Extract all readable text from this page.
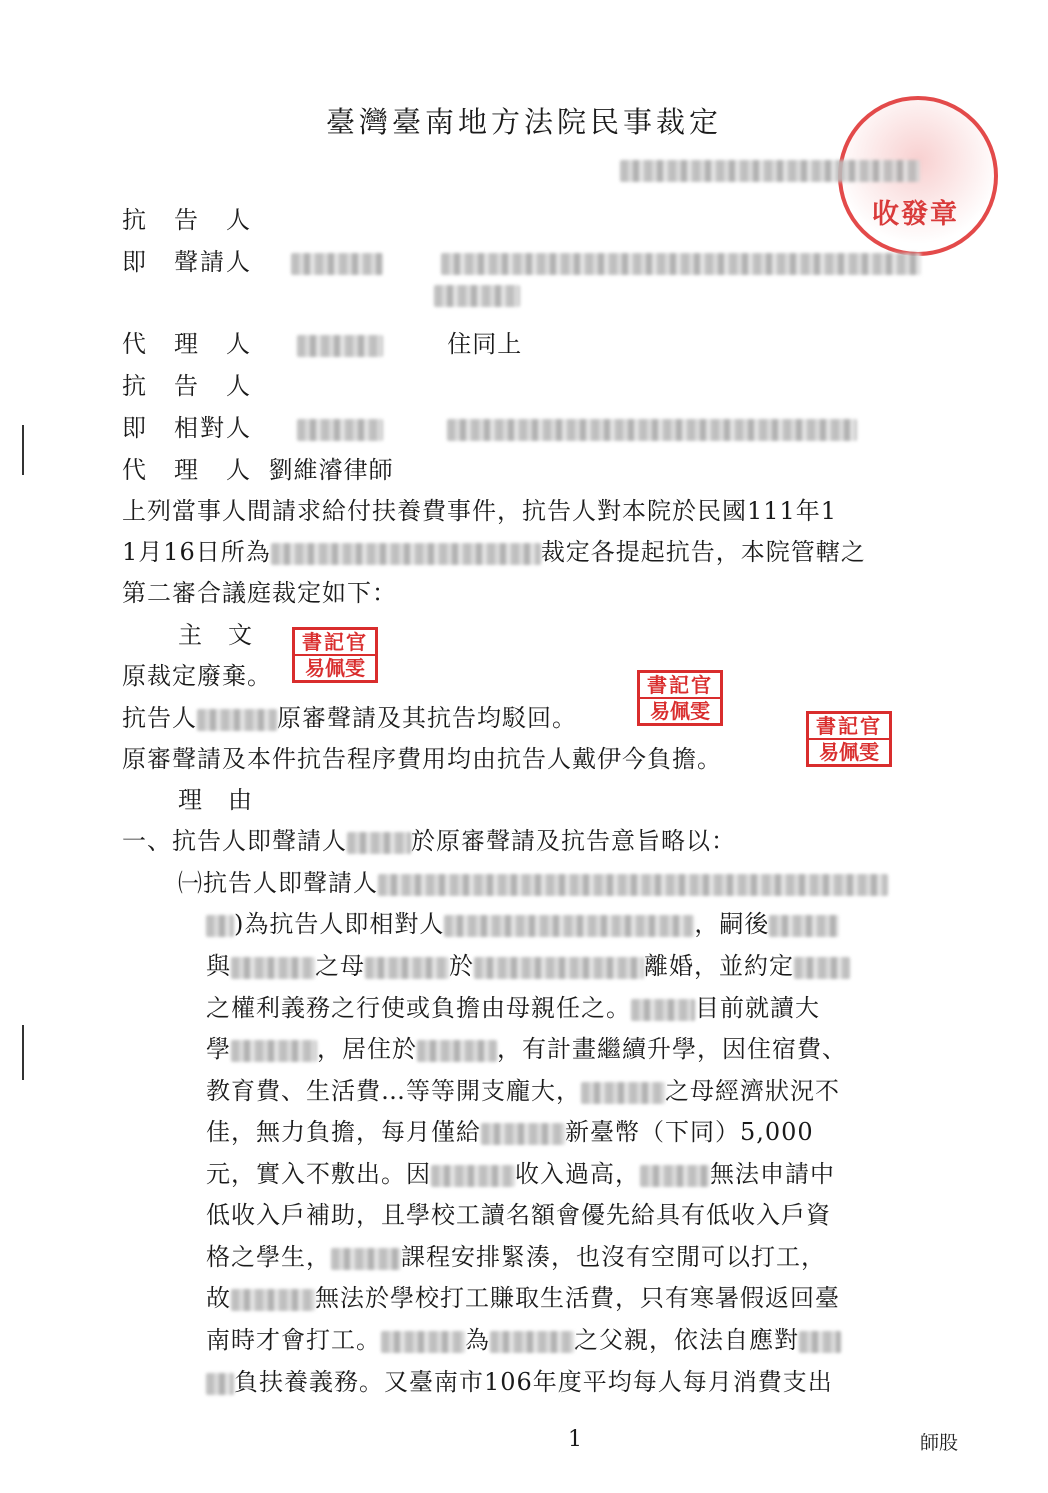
臺灣臺南地方法院民事裁定
收發章
抗　告　人
即　聲請人
代　理　人	住同上
抗　告　人
即　相對人
代　理　人 劉維濬律師
上列當事人間請求給付扶養費事件，抗告人對本院於民國111年1
1月16日所為	裁定各提起抗告，本院管轄之
第二審合議庭裁定如下：
主　文
原裁定廢棄。
抗告人	原審聲請及其抗告均駁回。
原審聲請及本件抗告程序費用均由抗告人戴伊今負擔。
書記官
易佩雯
書記官
易佩雯
書記官
易佩雯
理　由
一、抗告人即聲請人	於原審聲請及抗告意旨略以：
㈠抗告人即聲請人
)為抗告人即相對人	，嗣後
與	之母	於	離婚，並約定
之權利義務之行使或負擔由母親任之。	目前就讀大
學	，居住於	，有計畫繼續升學，因住宿費、
教育費、生活費…等等開支龐大，	之母經濟狀況不
佳，無力負擔，每月僅給	新臺幣（下同）5,000
元，實入不敷出。因	收入過高，	無法申請中
低收入戶補助，且學校工讀名額會優先給具有低收入戶資
格之學生，	課程安排緊湊，也沒有空閒可以打工，
故	無法於學校打工賺取生活費，只有寒暑假返回臺
南時才會打工。	為	之父親，依法自應對
負扶養義務。又臺南市106年度平均每人每月消費支出
1	師股
